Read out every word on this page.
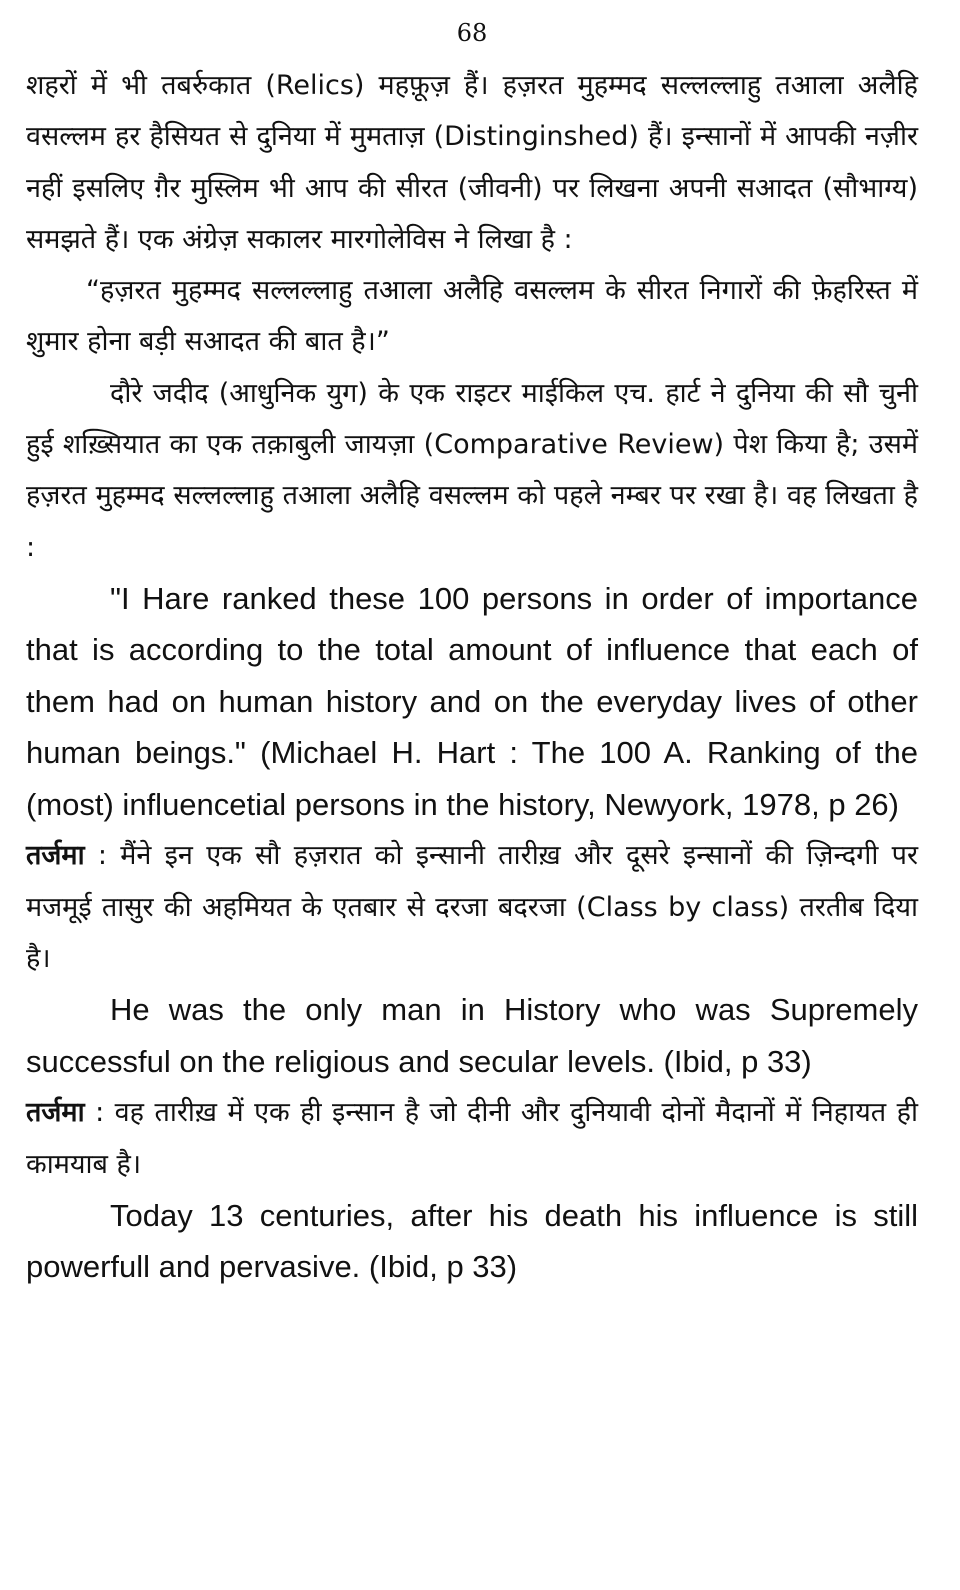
68

शहरों में भी तबर्रुकात (Relics) महफ़ूज़ हैं। हज़रत मुहम्मद सल्लल्लाहु तआला अलैहि वसल्लम हर हैसियत से दुनिया में मुमताज़ (Distinginshed) हैं। इन्सानों में आपकी नज़ीर नहीं इसलिए ग़ैर मुस्लिम भी आप की सीरत (जीवनी) पर लिखना अपनी सआदत (सौभाग्य) समझते हैं। एक अंग्रेज़ सकालर मारगोलेविस ने लिखा है :

“हज़रत मुहम्मद सल्लल्लाहु तआला अलैहि वसल्लम के सीरत निगारों की फ़ेहरिस्त में शुमार होना बड़ी सआदत की बात है।”

दौरे जदीद (आधुनिक युग) के एक राइटर माईकिल एच. हार्ट ने दुनिया की सौ चुनी हुई शख़्सियात का एक तक़ाबुली जायज़ा (Comparative Review) पेश किया है; उसमें हज़रत मुहम्मद सल्लल्लाहु तआला अलैहि वसल्लम को पहले नम्बर पर रखा है। वह लिखता है :

"I Hare ranked these 100 persons in order of importance that is according to the total amount of influence that each of them had on human history and on the everyday lives of other human beings." (Michael H. Hart : The 100 A. Ranking of the (most) influencetial persons in the history, Newyork, 1978, p 26)

तर्जमा : मैंने इन एक सौ हज़रात को इन्सानी तारीख़ और दूसरे इन्सानों की ज़िन्दगी पर मजमूई तासुर की अहमियत के एतबार से दरजा बदरजा (Class by class) तरतीब दिया है।

He was the only man in History who was Supremely successful on the religious and secular levels. (Ibid, p 33)

तर्जमा : वह तारीख़ में एक ही इन्सान है जो दीनी और दुनियावी दोनों मैदानों में निहायत ही कामयाब है।

Today 13 centuries, after his death his influence is still powerfull and pervasive. (Ibid, p 33)
